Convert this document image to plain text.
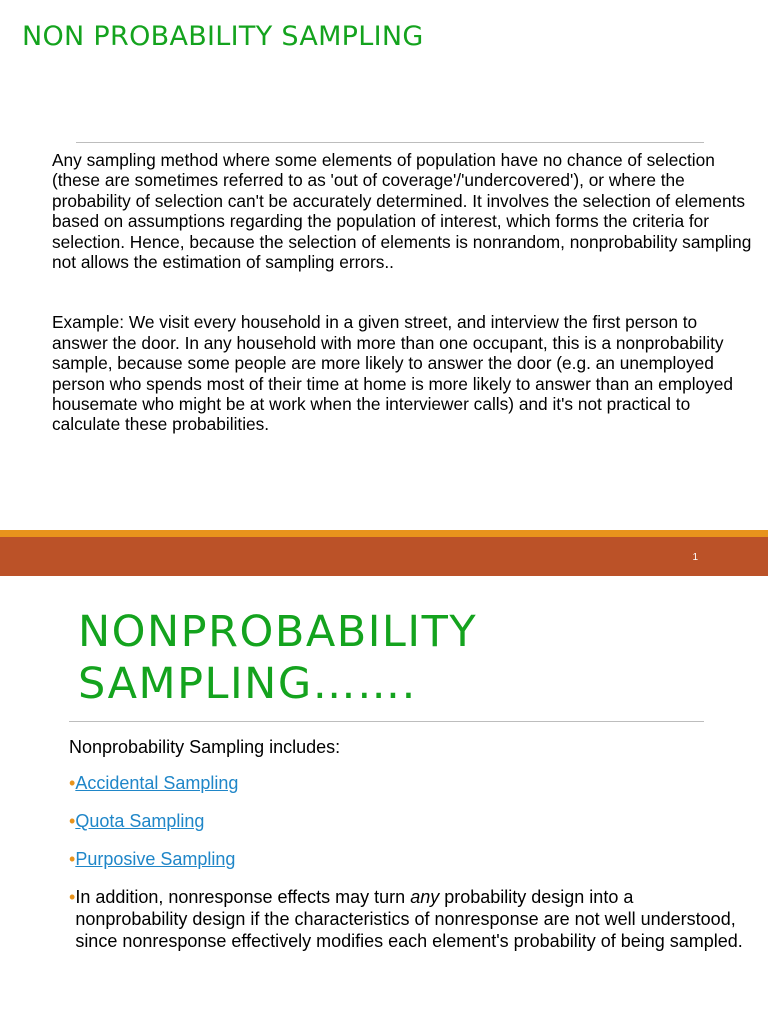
NON PROBABILITY SAMPLING

Any sampling method where some elements of population have no chance of selection (these are sometimes referred to as 'out of coverage'/'undercovered'), or where the probability of selection can't be accurately determined. It involves the selection of elements based on assumptions regarding the population of interest, which forms the criteria for selection. Hence, because the selection of elements is nonrandom, nonprobability sampling not allows the estimation of sampling errors..

Example: We visit every household in a given street, and interview the first person to answer the door. In any household with more than one occupant, this is a nonprobability sample, because some people are more likely to answer the door (e.g. an unemployed person who spends most of their time at home is more likely to answer than an employed housemate who might be at work when the interviewer calls) and it's not practical to calculate these probabilities.

1
NONPROBABILITY SAMPLING…….

Nonprobability Sampling includes:

•Accidental Sampling
•Quota Sampling
•Purposive Sampling
• In addition, nonresponse effects may turn any probability design into a nonprobability design if the characteristics of nonresponse are not well understood, since nonresponse effectively modifies each element's probability of being sampled.
